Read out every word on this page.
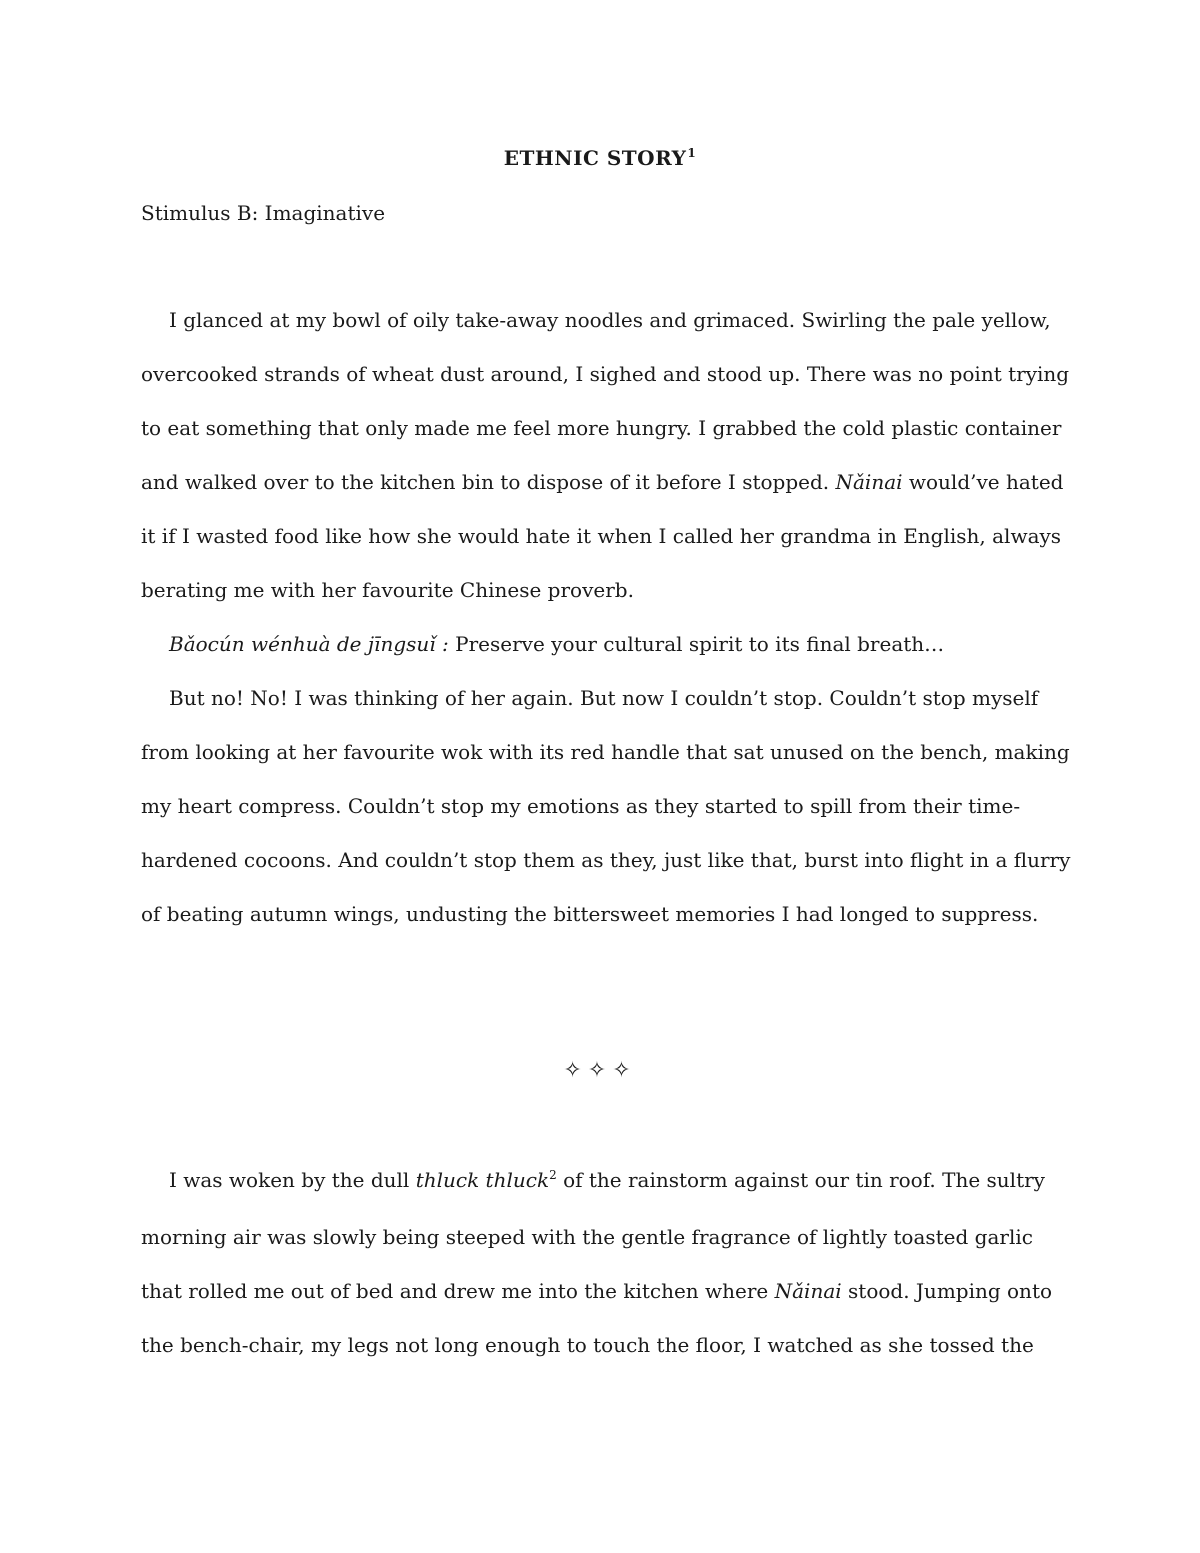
ETHNIC STORY$^1$
Stimulus B: Imaginative

I glanced at my bowl of oily take-away noodles and grimaced. Swirling the pale yellow, overcooked strands of wheat dust around, I sighed and stood up. There was no point trying to eat something that only made me feel more hungry. I grabbed the cold plastic container and walked over to the kitchen bin to dispose of it before I stopped. Nǎinai would’ve hated it if I wasted food like how she would hate it when I called her grandma in English, always berating me with her favourite Chinese proverb.

Bǎocún wénhuà de jīngsuǐ : Preserve your cultural spirit to its final breath…

But no! No! I was thinking of her again. But now I couldn’t stop. Couldn’t stop myself from looking at her favourite wok with its red handle that sat unused on the bench, making my heart compress. Couldn’t stop my emotions as they started to spill from their time-hardened cocoons. And couldn’t stop them as they, just like that, burst into flight in a flurry of beating autumn wings, undusting the bittersweet memories I had longed to suppress.

✧✧✧

I was woken by the dull thluck thluck$^2$ of the rainstorm against our tin roof. The sultry morning air was slowly being steeped with the gentle fragrance of lightly toasted garlic that rolled me out of bed and drew me into the kitchen where Nǎinai stood. Jumping onto the bench-chair, my legs not long enough to touch the floor, I watched as she tossed the
